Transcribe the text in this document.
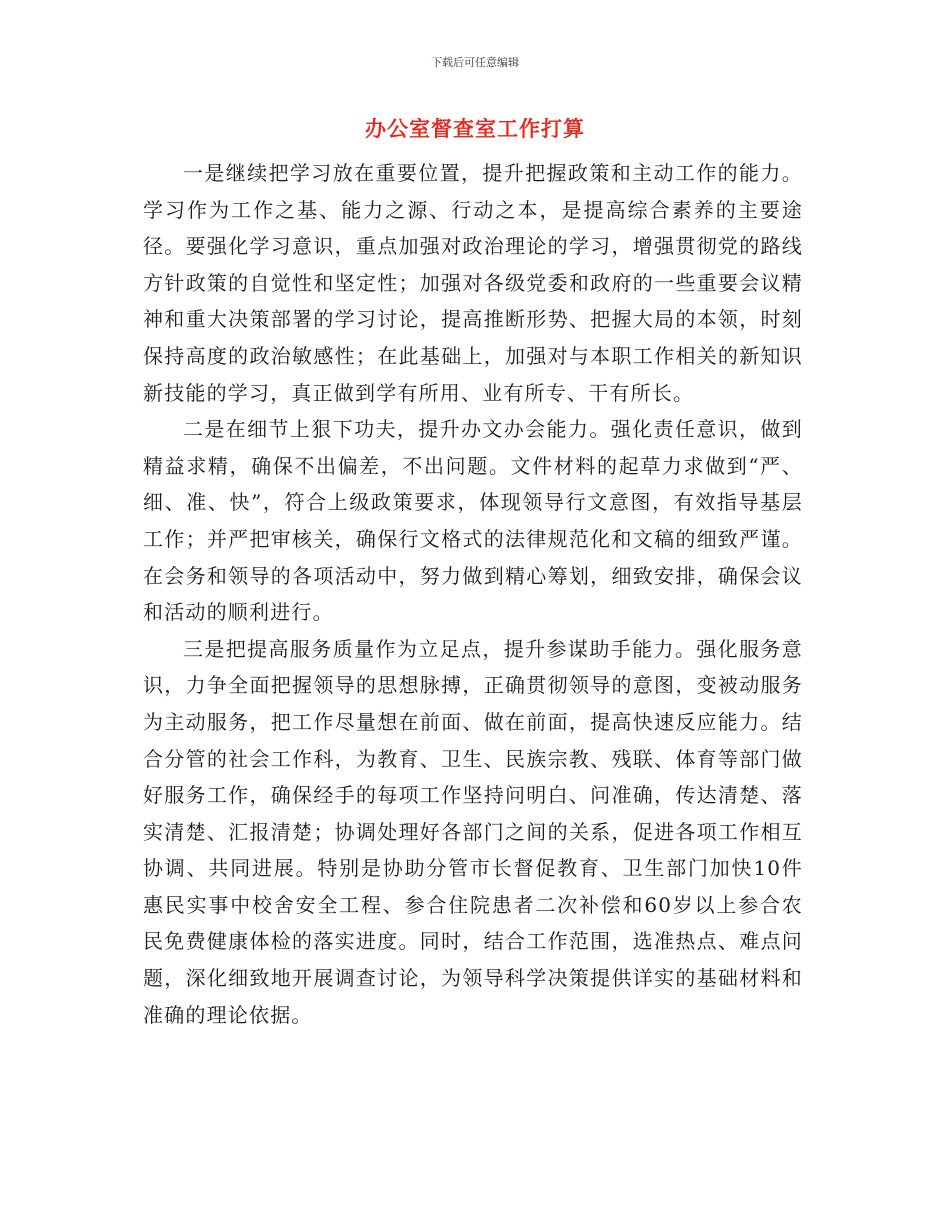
下载后可任意编辑
办公室督查室工作打算

一是继续把学习放在重要位置，提升把握政策和主动工作的能力。学习作为工作之基、能力之源、行动之本，是提高综合素养的主要途径。要强化学习意识，重点加强对政治理论的学习，增强贯彻党的路线方针政策的自觉性和坚定性；加强对各级党委和政府的一些重要会议精神和重大决策部署的学习讨论，提高推断形势、把握大局的本领，时刻保持高度的政治敏感性；在此基础上，加强对与本职工作相关的新知识新技能的学习，真正做到学有所用、业有所专、干有所长。

二是在细节上狠下功夫，提升办文办会能力。强化责任意识，做到精益求精，确保不出偏差，不出问题。文件材料的起草力求做到“严、细、准、快”，符合上级政策要求，体现领导行文意图，有效指导基层工作；并严把审核关，确保行文格式的法律规范化和文稿的细致严谨。在会务和领导的各项活动中，努力做到精心筹划，细致安排，确保会议和活动的顺利进行。

三是把提高服务质量作为立足点，提升参谋助手能力。强化服务意识，力争全面把握领导的思想脉搏，正确贯彻领导的意图，变被动服务为主动服务，把工作尽量想在前面、做在前面，提高快速反应能力。结合分管的社会工作科，为教育、卫生、民族宗教、残联、体育等部门做好服务工作，确保经手的每项工作坚持问明白、问准确，传达清楚、落实清楚、汇报清楚；协调处理好各部门之间的关系，促进各项工作相互协调、共同进展。特别是协助分管市长督促教育、卫生部门加快10件惠民实事中校舍安全工程、参合住院患者二次补偿和60岁以上参合农民免费健康体检的落实进度。同时，结合工作范围，选准热点、难点问题，深化细致地开展调查讨论，为领导科学决策提供详实的基础材料和准确的理论依据。
